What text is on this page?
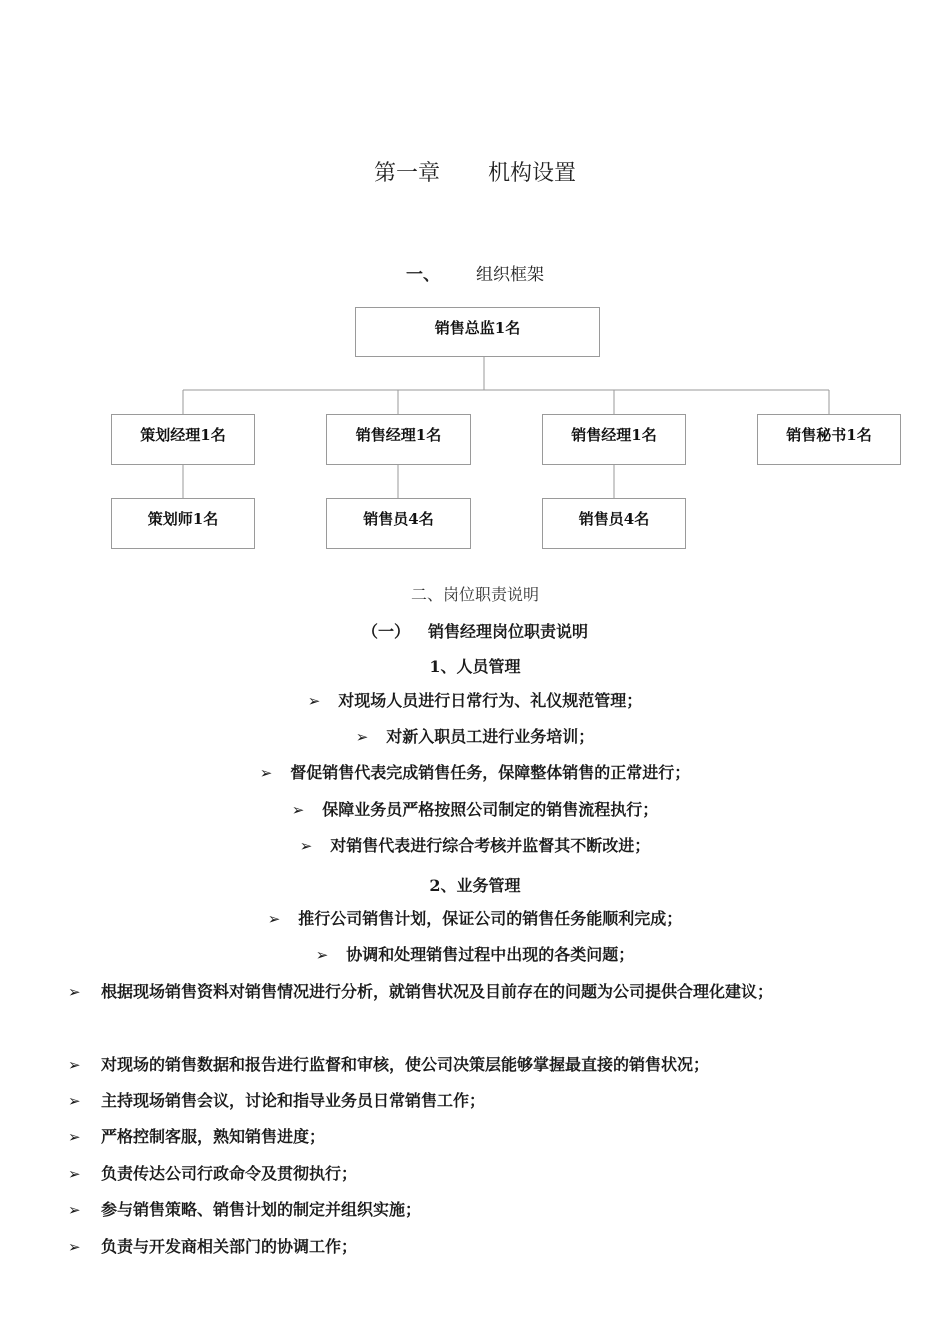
第一章 机构设置
一、 组织框架
销售总监1名
策划经理1名	销售经理1名	销售经理1名	销售秘书1名
策划师1名	销售员4名	销售员4名
二、岗位职责说明
（一） 销售经理岗位职责说明
1、人员管理
➢ 对现场人员进行日常行为、礼仪规范管理；
➢ 对新入职员工进行业务培训；
➢ 督促销售代表完成销售任务，保障整体销售的正常进行；
➢ 保障业务员严格按照公司制定的销售流程执行；
➢ 对销售代表进行综合考核并监督其不断改进；
2、业务管理
➢ 推行公司销售计划，保证公司的销售任务能顺利完成；
➢ 协调和处理销售过程中出现的各类问题；
➢	根据现场销售资料对销售情况进行分析，就销售状况及目前存在的问题为公司提供合理化建议；
➢	对现场的销售数据和报告进行监督和审核，使公司决策层能够掌握最直接的销售状况；
➢	主持现场销售会议，讨论和指导业务员日常销售工作；
➢	严格控制客服，熟知销售进度；
➢	负责传达公司行政命令及贯彻执行；
➢	参与销售策略、销售计划的制定并组织实施；
➢	负责与开发商相关部门的协调工作；
